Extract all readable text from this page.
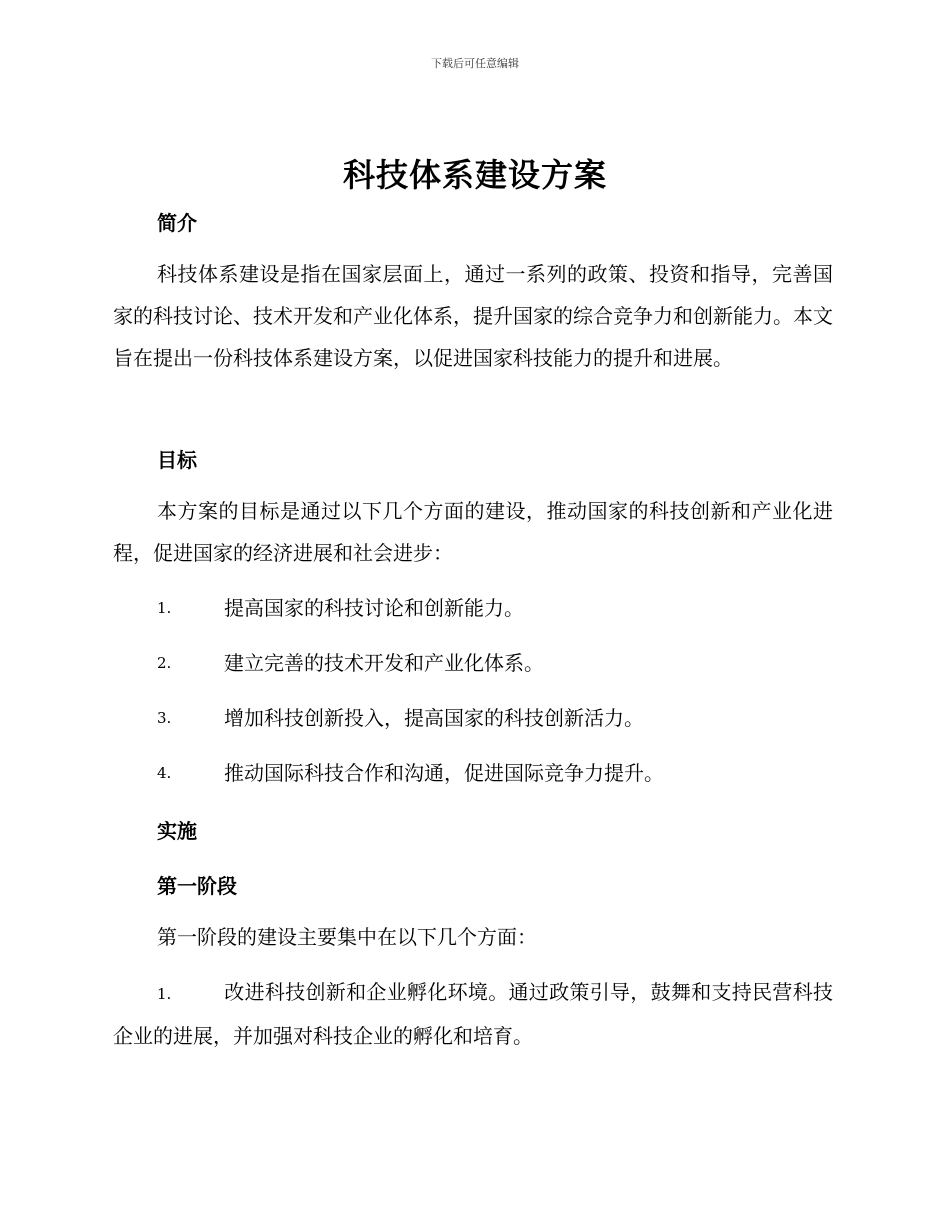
下载后可任意编辑
科技体系建设方案
简介

科技体系建设是指在国家层面上，通过一系列的政策、投资和指导，完善国家的科技讨论、技术开发和产业化体系，提升国家的综合竞争力和创新能力。本文旨在提出一份科技体系建设方案，以促进国家科技能力的提升和进展。

目标

本方案的目标是通过以下几个方面的建设，推动国家的科技创新和产业化进程，促进国家的经济进展和社会进步：

1.	提高国家的科技讨论和创新能力。
2.	建立完善的技术开发和产业化体系。
3.	增加科技创新投入，提高国家的科技创新活力。
4.	推动国际科技合作和沟通，促进国际竞争力提升。
实施
第一阶段

第一阶段的建设主要集中在以下几个方面：

1.	改进科技创新和企业孵化环境。通过政策引导，鼓舞和支持民营科技企业的进展，并加强对科技企业的孵化和培育。
